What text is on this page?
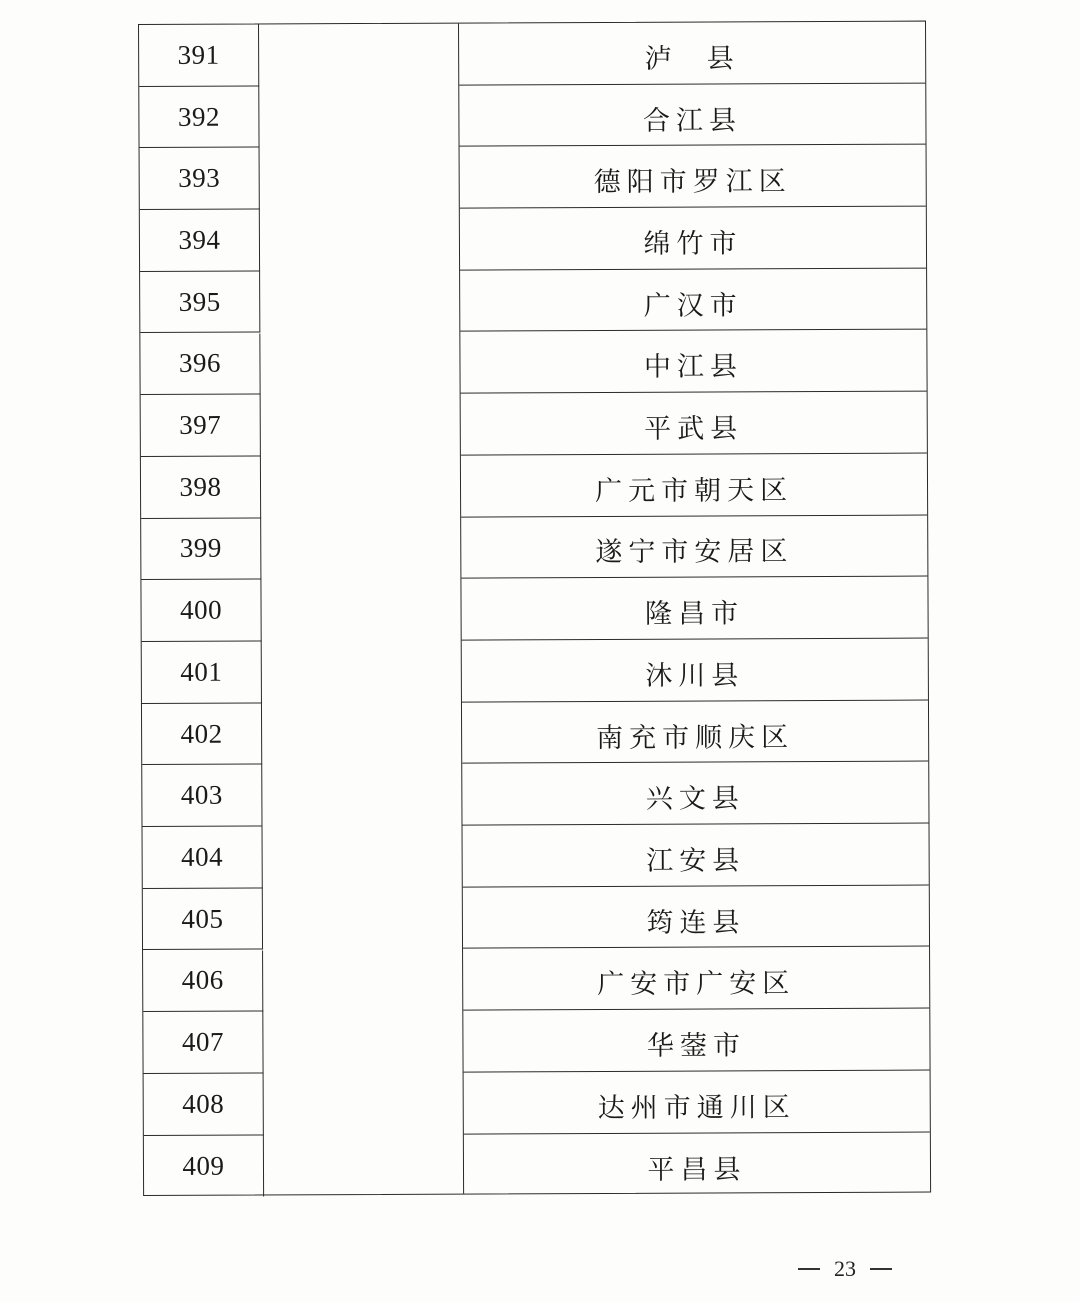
391	泸  县
392	合江县
393	德阳市罗江区
394	绵竹市
395	广汉市
396	中江县
397	平武县
398	广元市朝天区
399	遂宁市安居区
400	隆昌市
401	沐川县
402	南充市顺庆区
403	兴文县
404	江安县
405	筠连县
406	广安市广安区
407	华蓥市
408	达州市通川区
409	平昌县
23
